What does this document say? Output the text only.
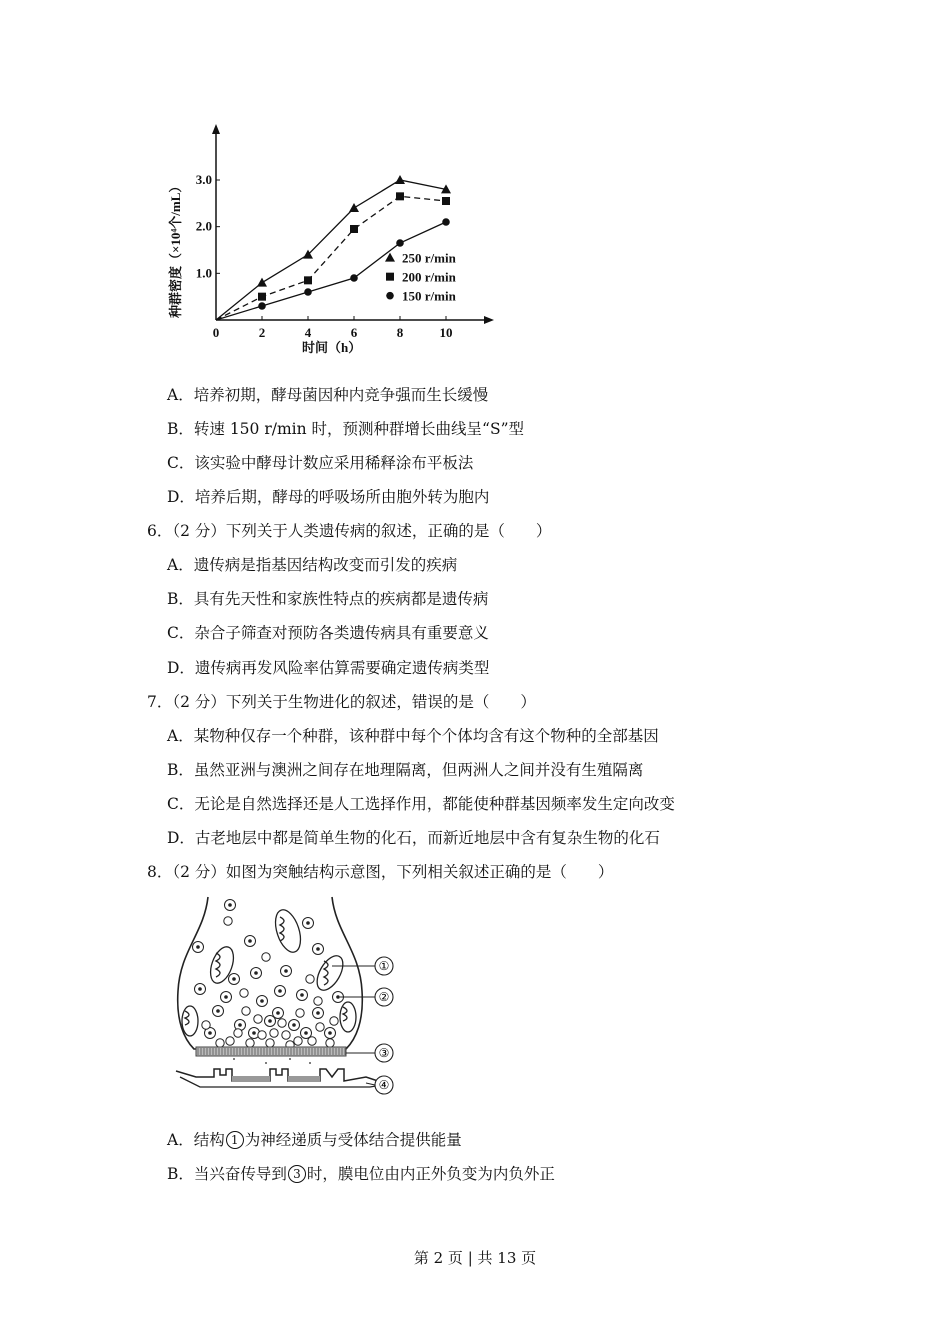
0	2	4	6	8	10
1.0
2.0
3.0
250 r/min
200 r/min
150 r/min
种群密度（×10⁴个/mL）
时间（h）
A．培养初期，酵母菌因种内竞争强而生长缓慢
B．转速 150 r/min 时，预测种群增长曲线呈“S”型
C．该实验中酵母计数应采用稀释涂布平板法
D．培养后期，酵母的呼吸场所由胞外转为胞内
6．（2 分）下列关于人类遗传病的叙述，正确的是（　　）
A．遗传病是指基因结构改变而引发的疾病
B．具有先天性和家族性特点的疾病都是遗传病
C．杂合子筛查对预防各类遗传病具有重要意义
D．遗传病再发风险率估算需要确定遗传病类型
7．（2 分）下列关于生物进化的叙述，错误的是（　　）
A．某物种仅存一个种群，该种群中每个个体均含有这个物种的全部基因
B．虽然亚洲与澳洲之间存在地理隔离，但两洲人之间并没有生殖隔离
C．无论是自然选择还是人工选择作用，都能使种群基因频率发生定向改变
D．古老地层中都是简单生物的化石，而新近地层中含有复杂生物的化石
8．（2 分）如图为突触结构示意图，下列相关叙述正确的是（　　）
①
②
③
④
A．结构 1 为神经递质与受体结合提供能量
B．当兴奋传导到 3 时，膜电位由内正外负变为内负外正
第 2 页 | 共 13 页
